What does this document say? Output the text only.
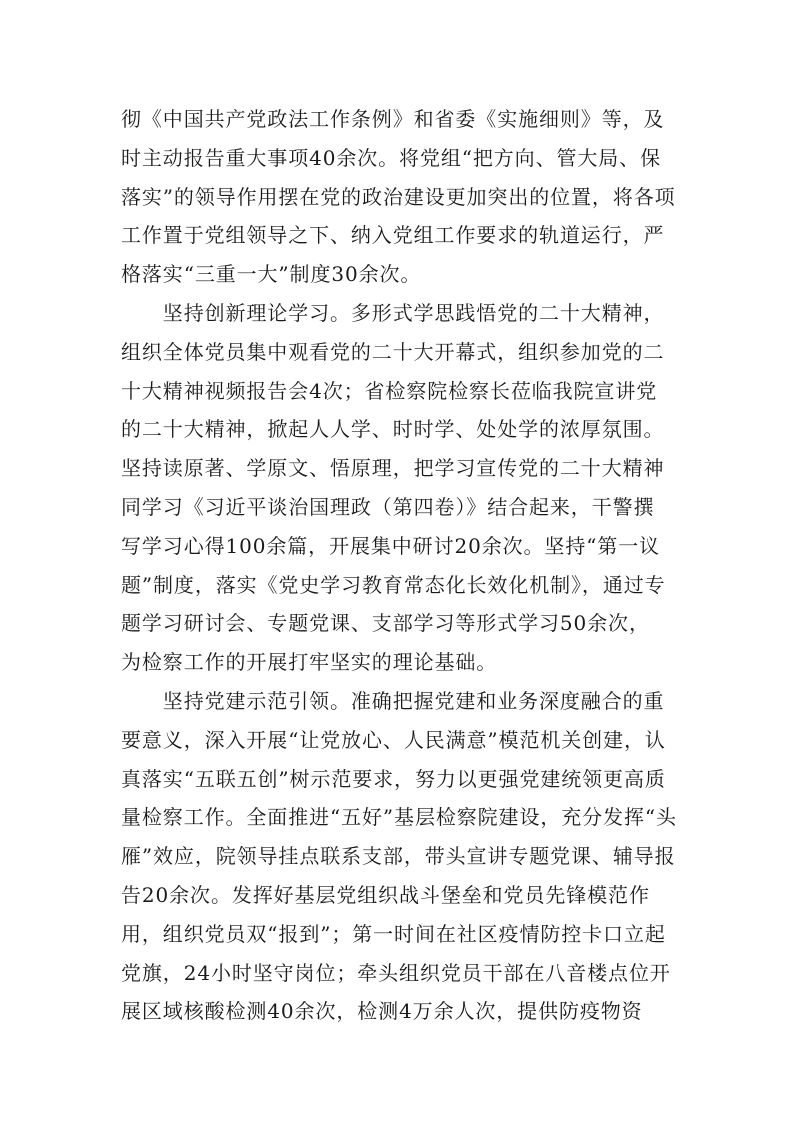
彻《中国共产党政法工作条例》和省委《实施细则》等，及
时主动报告重大事项40余次。将党组“把方向、管大局、保
落实”的领导作用摆在党的政治建设更加突出的位置，将各项
工作置于党组领导之下、纳入党组工作要求的轨道运行，严
格落实“三重一大”制度30余次。
　　坚持创新理论学习。多形式学思践悟党的二十大精神，
组织全体党员集中观看党的二十大开幕式，组织参加党的二
十大精神视频报告会4次；省检察院检察长莅临我院宣讲党
的二十大精神，掀起人人学、时时学、处处学的浓厚氛围。
坚持读原著、学原文、悟原理，把学习宣传党的二十大精神
同学习《习近平谈治国理政（第四卷）》结合起来，干警撰
写学习心得100余篇，开展集中研讨20余次。坚持“第一议
题”制度，落实《党史学习教育常态化长效化机制》，通过专
题学习研讨会、专题党课、支部学习等形式学习50余次，
为检察工作的开展打牢坚实的理论基础。
　　坚持党建示范引领。准确把握党建和业务深度融合的重
要意义，深入开展“让党放心、人民满意”模范机关创建，认
真落实“五联五创”树示范要求，努力以更强党建统领更高质
量检察工作。全面推进“五好”基层检察院建设，充分发挥“头
雁”效应，院领导挂点联系支部，带头宣讲专题党课、辅导报
告20余次。发挥好基层党组织战斗堡垒和党员先锋模范作
用，组织党员双“报到”；第一时间在社区疫情防控卡口立起
党旗，24小时坚守岗位；牵头组织党员干部在八音楼点位开
展区域核酸检测40余次，检测4万余人次，提供防疫物资
